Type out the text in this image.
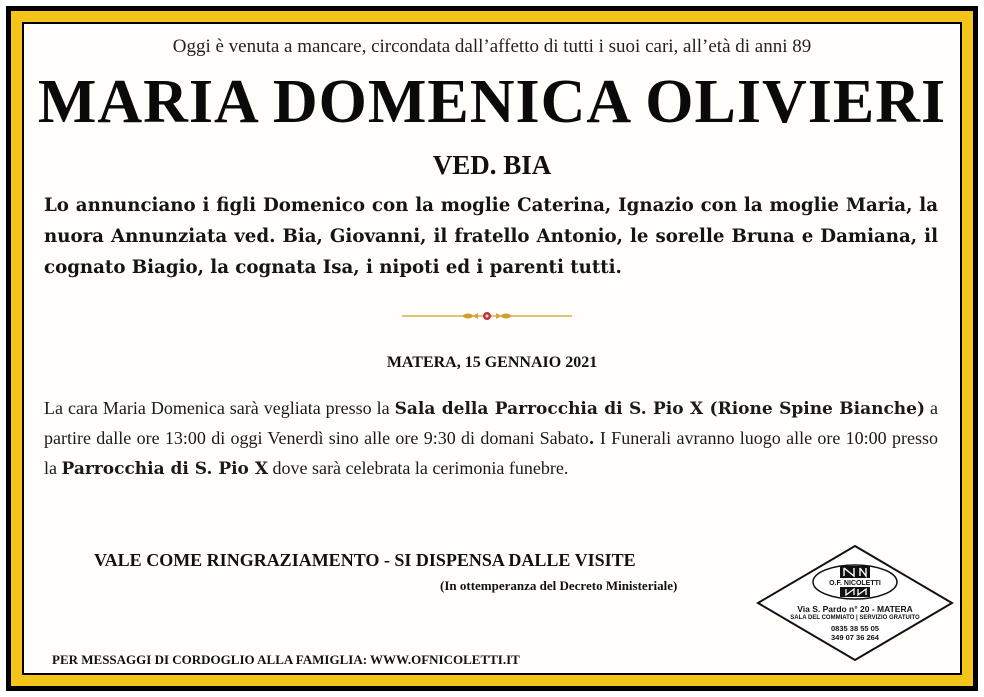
Oggi è venuta a mancare, circondata dall’affetto di tutti i suoi cari, all’età di anni 89
MARIA DOMENICA OLIVIERI
VED. BIA
Lo annunciano i figli Domenico con la moglie Caterina, Ignazio con la moglie Maria, la nuora Annunziata ved. Bia, Giovanni, il fratello Antonio, le sorelle Bruna e Damiana, il cognato Biagio, la cognata Isa, i nipoti ed i parenti tutti.
MATERA, 15 GENNAIO 2021
La cara Maria Domenica sarà vegliata presso la Sala della Parrocchia di S. Pio X (Rione Spine Bianche) a partire dalle ore 13:00 di oggi Venerdì sino alle ore 9:30 di domani Sabato. I Funerali avranno luogo alle ore 10:00 presso la Parrocchia di S. Pio X dove sarà celebrata la cerimonia funebre.
VALE COME RINGRAZIAMENTO - SI DISPENSA DALLE VISITE
(In ottemperanza del Decreto Ministeriale)
PER MESSAGGI DI CORDOGLIO ALLA FAMIGLIA: WWW.OFNICOLETTI.IT
O.F. NICOLETTI
Via S. Pardo n° 20 - MATERA
SALA DEL COMMIATO | SERVIZIO GRATUITO
0835 38 55 05
349 07 36 264
